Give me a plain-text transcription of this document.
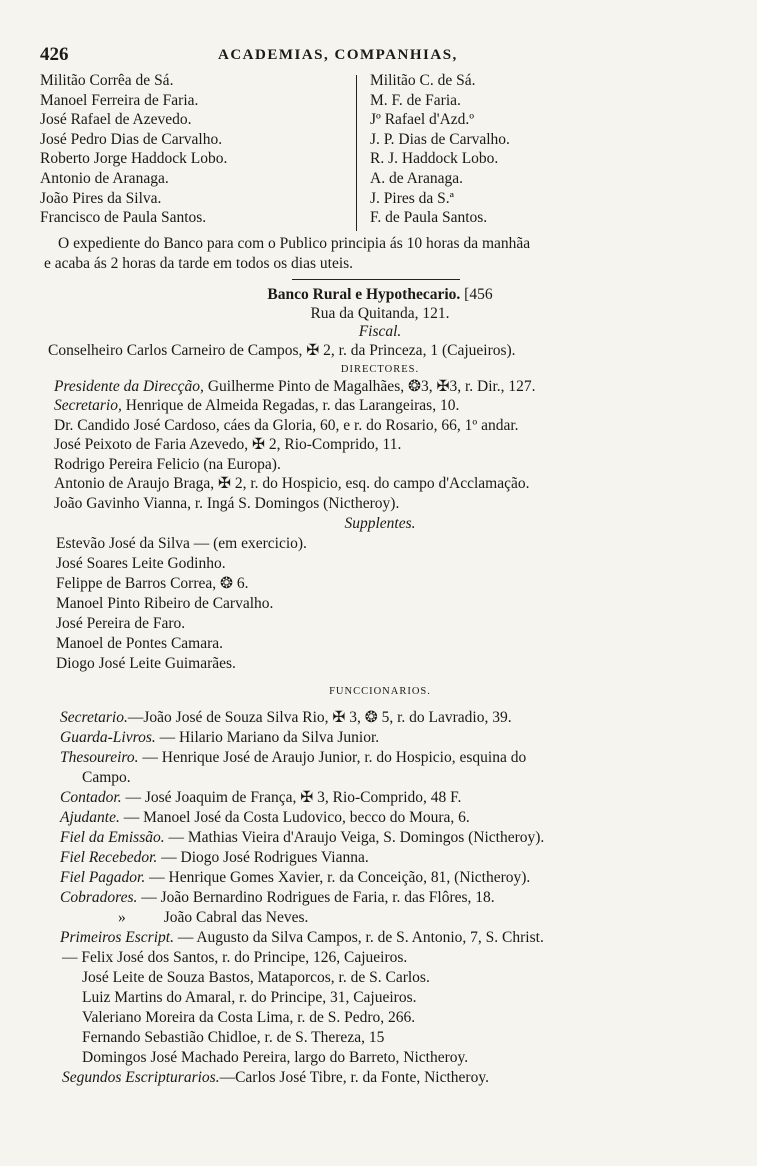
426	ACADEMIAS, COMPANHIAS,
Militão Corrêa de Sá.
Manoel Ferreira de Faria.
José Rafael de Azevedo.
José Pedro Dias de Carvalho.
Roberto Jorge Haddock Lobo.
Antonio de Aranaga.
João Pires da Silva.
Francisco de Paula Santos.
Militão C. de Sá.
M. F. de Faria.
Jº Rafael d'Azd.º
J. P. Dias de Carvalho.
R. J. Haddock Lobo.
A. de Aranaga.
J. Pires da S.ª
F. de Paula Santos.
O expediente do Banco para com o Publico principia ás 10 horas da manhãa
e acaba ás 2 horas da tarde em todos os dias uteis.
Banco Rural e Hypothecario. [456
Rua da Quitanda, 121.
Fiscal.
Conselheiro Carlos Carneiro de Campos, ✠ 2, r. da Princeza, 1 (Cajueiros).
DIRECTORES.
Presidente da Direcção, Guilherme Pinto de Magalhães, ❂3, ✠3, r. Dir., 127.
Secretario, Henrique de Almeida Regadas, r. das Larangeiras, 10.
Dr. Candido José Cardoso, cáes da Gloria, 60, e r. do Rosario, 66, 1º andar.
José Peixoto de Faria Azevedo, ✠ 2, Rio-Comprido, 11.
Rodrigo Pereira Felicio (na Europa).
Antonio de Araujo Braga, ✠ 2, r. do Hospicio, esq. do campo d'Acclamação.
João Gavinho Vianna, r. Ingá S. Domingos (Nictheroy).
Supplentes.
Estevão José da Silva — (em exercicio).
José Soares Leite Godinho.
Felippe de Barros Correa, ❂ 6.
Manoel Pinto Ribeiro de Carvalho.
José Pereira de Faro.
Manoel de Pontes Camara.
Diogo José Leite Guimarães.
FUNCCIONARIOS.
Secretario.—João José de Souza Silva Rio, ✠ 3, ❂ 5, r. do Lavradio, 39.
Guarda-Livros. — Hilario Mariano da Silva Junior.
Thesoureiro. — Henrique José de Araujo Junior, r. do Hospicio, esquina do
Campo.
Contador. — José Joaquim de França, ✠ 3, Rio-Comprido, 48 F.
Ajudante. — Manoel José da Costa Ludovico, becco do Moura, 6.
Fiel da Emissão. — Mathias Vieira d'Araujo Veiga, S. Domingos (Nictheroy).
Fiel Recebedor. — Diogo José Rodrigues Vianna.
Fiel Pagador. — Henrique Gomes Xavier, r. da Conceição, 81, (Nictheroy).
Cobradores. — João Bernardino Rodrigues de Faria, r. das Flôres, 18.
» João Cabral das Neves.
Primeiros Escript. — Augusto da Silva Campos, r. de S. Antonio, 7, S. Christ.
— Felix José dos Santos, r. do Principe, 126, Cajueiros.
José Leite de Souza Bastos, Mataporcos, r. de S. Carlos.
Luiz Martins do Amaral, r. do Principe, 31, Cajueiros.
Valeriano Moreira da Costa Lima, r. de S. Pedro, 266.
Fernando Sebastião Chidloe, r. de S. Thereza, 15
Domingos José Machado Pereira, largo do Barreto, Nictheroy.
Segundos Escripturarios.—Carlos José Tibre, r. da Fonte, Nictheroy.
